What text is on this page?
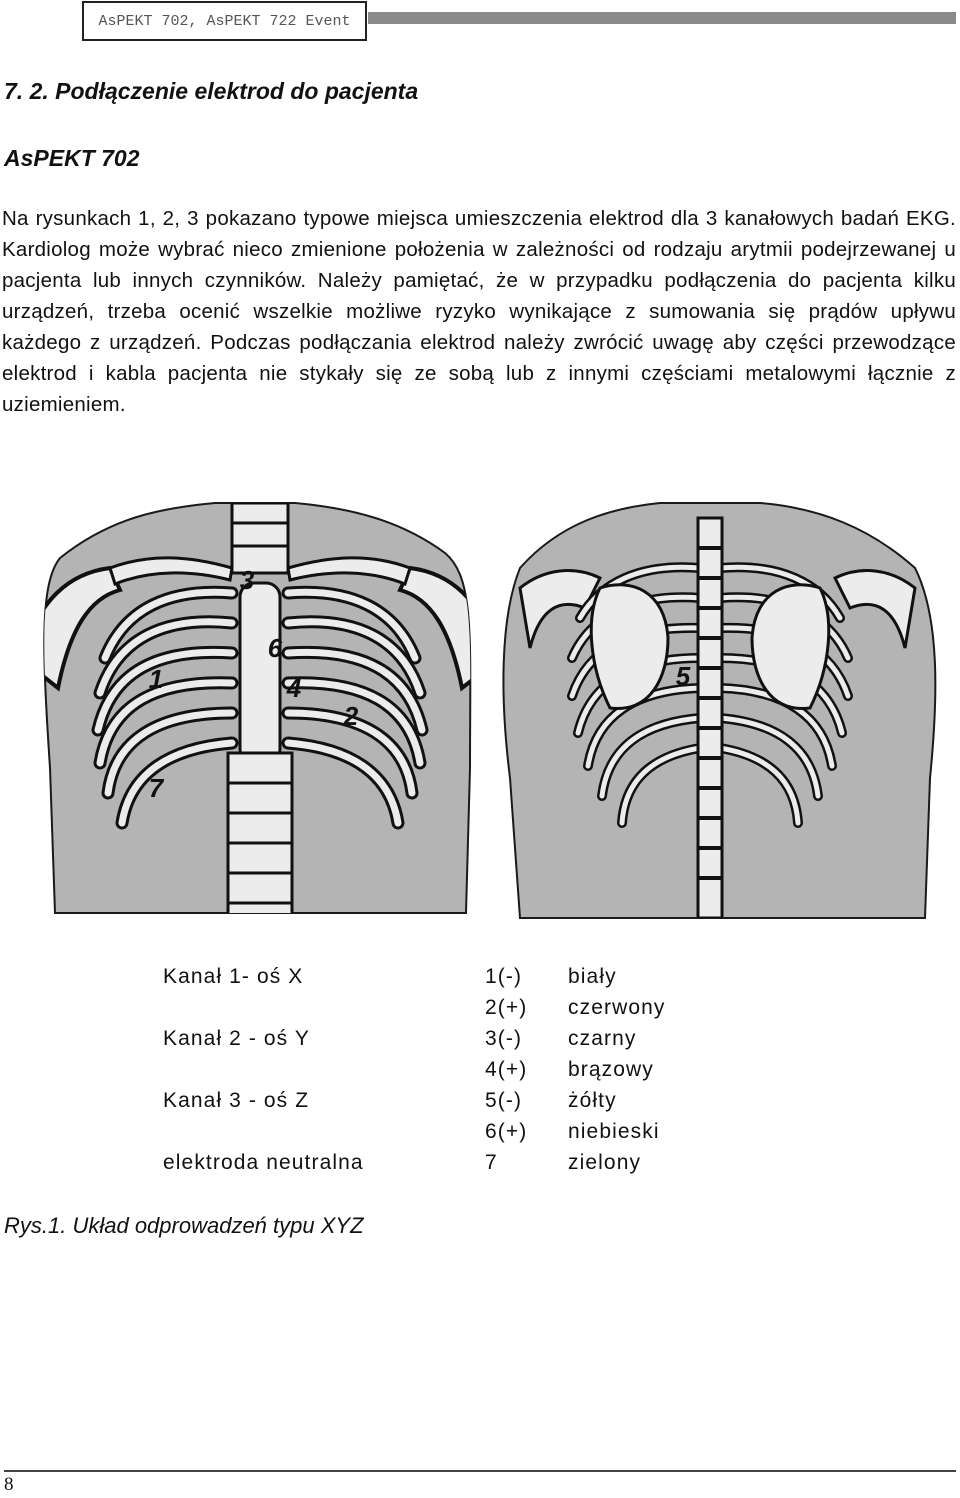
AsPEKT 702, AsPEKT 722 Event
7. 2. Podłączenie elektrod do pacjenta
AsPEKT 702

Na rysunkach 1, 2, 3 pokazano typowe miejsca umieszczenia elektrod dla 3 kanałowych badań EKG. Kardiolog może wybrać nieco zmienione położenia w zależności od rodzaju arytmii podejrzewanej u pacjenta lub innych czynników. Należy pamiętać, że w przypadku podłączenia do pacjenta kilku urządzeń, trzeba ocenić wszelkie możliwe ryzyko wynikające z sumowania się prądów upływu każdego z urządzeń. Podczas podłączania elektrod należy zwrócić uwagę aby części przewodzące elektrod i kabla pacjenta nie stykały się ze sobą lub z innymi częściami metalowymi łącznie z uziemieniem.

3
6
1	4
2
7
5
Kanał 1- oś X
Kanał 2 - oś Y
Kanał 3 - oś Z
elektroda neutralna
1(-) biały
2(+) czerwony
3(-) czarny
4(+) brązowy
5(-) żółty
6(+) niebieski
7	zielony
Rys.1. Układ odprowadzeń typu XYZ
8
